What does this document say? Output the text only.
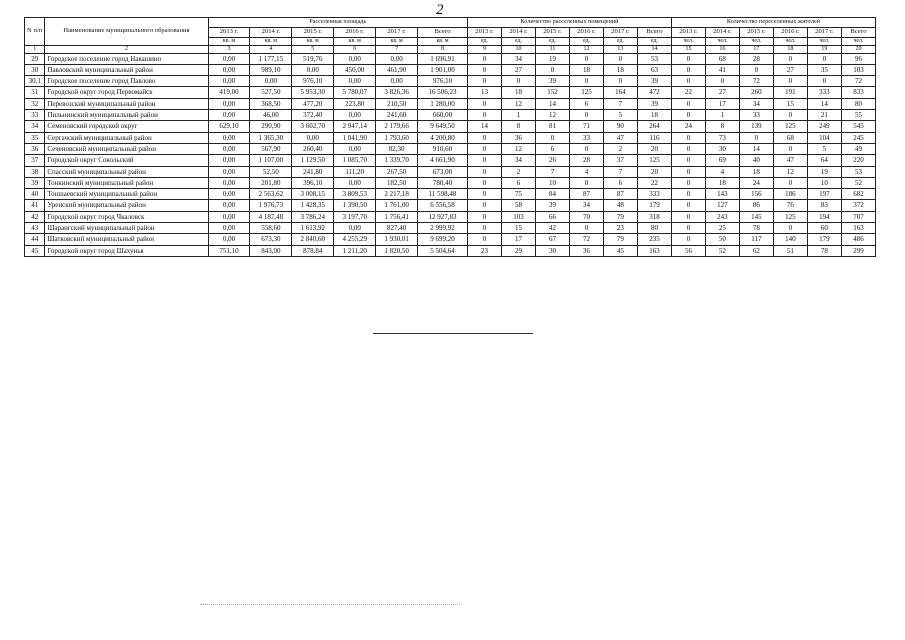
2
N п/п	Наименование муниципального образования	Расселенная площадь						Количество расселенных помещений						Количество переселенных жителей					
		2013 г.	2014 г.	2015 г.	2016 г.	2017 г.	Всего	2013 г.	2014 г.	2015 г.	2016 г.	2017 г.	Всего	2013 г.	2014 г.	2015 г.	2016 г.	2017 г.	Всего
		кв. м	кв. м	кв. м	кв. м	кв. м	кв. м	ед.	ед.	ед.	ед.	ед.	ед.	чел.	чел.	чел.	чел.	чел.	чел.
1	2	3	4	5	6	7	8	9	10	11	12	13	14	15	16	17	18	19	20
29	Городское поселение город Навашино	0,00	1 177,15	519,76	0,00	0,00	1 696,91	0	34	19	0	0	53	0	68	28	0	0	96
30	Павловский муниципальный район	0,00	989,10	0,00	450,00	461,90	1 901,00	0	27	0	18	18	63	0	41	0	27	35	103
30.1	Городское поселение город Павлово	0,00	0,00	976,10	0,00	0,00	976,10	0	0	39	0	0	39	0	0	72	0	0	72
31	Городской округ город Первомайск	419,00	527,50	5 953,30	5 780,07	3 826,36	16 506,23	13	18	152	125	164	472	22	27	260	191	333	833
32	Перевозский муниципальный район	0,00	368,50	477,20	223,80	210,50	1 280,00	0	12	14	6	7	39	0	17	34	15	14	80
33	Пильнинский муниципальный район	0,00	46,00	372,40	0,00	241,60	660,00	0	1	12	0	5	18	0	1	33	0	21	55
34	Семеновский городской округ	629,10	290,90	3 602,70	2 947,14	2 179,66	9 649,50	14	8	81	71	90	264	24	8	139	125	249	545
35	Сергачский муниципальный район	0,00	1 365,30	0,00	1 041,90	1 793,60	4 200,80	0	36	0	33	47	116	0	73	0	68	104	245
36	Сеченовский муниципальный район	0,00	567,90	260,40	0,00	82,30	910,60	0	12	6	0	2	20	0	30	14	0	5	49
37	Городской округ Сокольский	0,00	1 107,00	1 129,50	1 085,70	1 339,70	4 661,90	0	34	26	28	37	125	0	69	40	47	64	220
38	Спасский муниципальный район	0,00	52,50	241,80	111,20	267,50	673,00	0	2	7	4	7	20	0	4	18	12	19	53
39	Тонкинский муниципальный район	0,00	201,80	396,10	0,00	182,50	780,40	0	6	10	0	6	22	0	18	24	0	10	52
40	Тоншаевский муниципальный район	0,00	2 563,62	3 008,15	3 809,53	2 217,18	11 598,48	0	75	84	87	87	333	0	143	156	186	197	682
41	Уренский муниципальный район	0,00	1 976,73	1 428,35	1 390,50	1 761,00	6 556,58	0	58	39	34	48	179	0	127	86	76	83	372
42	Городской округ город Чкаловск	0,00	4 187,48	3 786,24	3 197,70	1 756,41	12 927,83	0	103	66	70	79	318	0	243	145	125	194	707
43	Шарангский муниципальный район	0,00	558,60	1 613,92	0,00	827,40	2 999,92	0	15	42	0	23	80	0	25	78	0	60	163
44	Шатковский муниципальный район	0,00	673,30	2 840,60	4 255,29	1 930,01	9 699,20	0	17	67	72	79	235	0	50	117	140	179	486
45	Городской округ город Шахунья	751,10	843,00	878,84	1 211,20	1 820,50	5 504,64	23	29	30	36	45	163	56	52	62	51	78	299
